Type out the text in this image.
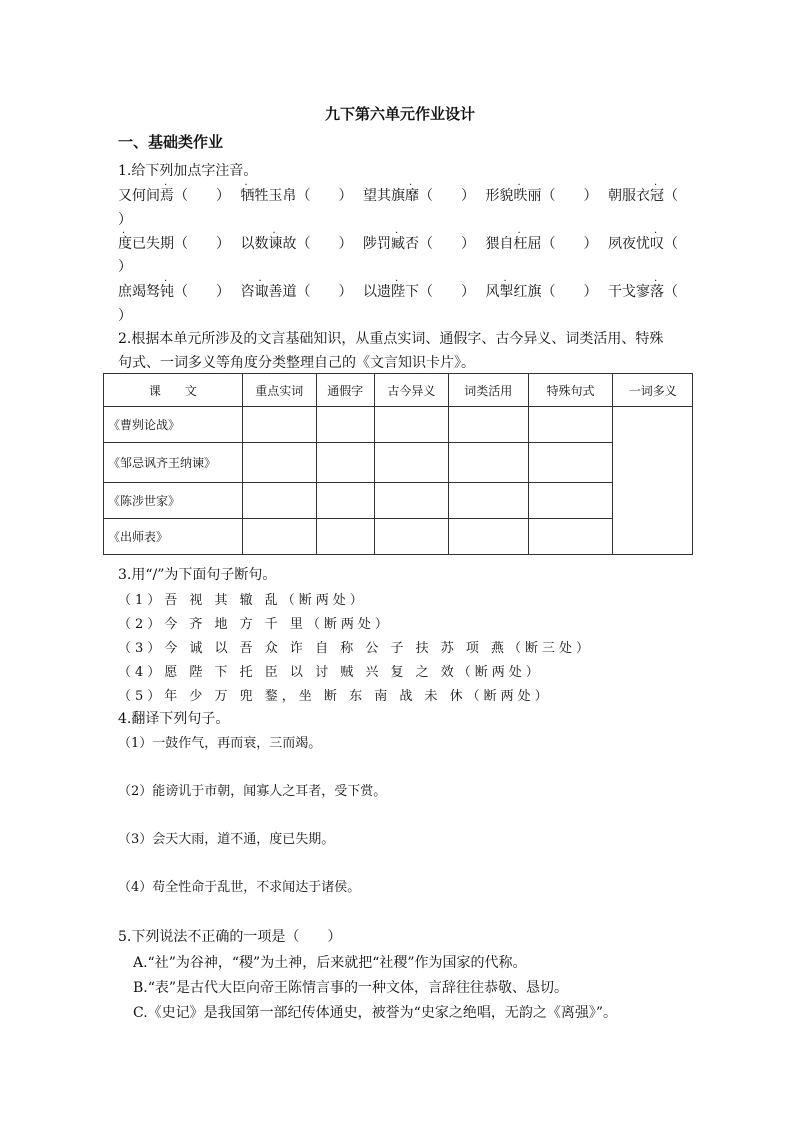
九下第六单元作业设计
一、基础类作业
1.给下列加点字注音。
又何间焉
·
（　　） 牺
·
牲玉帛（　　） 望其旗靡
·
（　　） 形貌昳
·
丽（　　） 朝服衣冠
·
（
度
·
已失期（　　） 以数谏
·
故（　　） 陟罚臧
·
否（　　） 猥自枉
·
屈（　　） 夙夜忧叹
·
（
庶竭驽钝
·
（　　） 咨诹
·
善道（　　） 以遗陛
·
下（　　） 风掣
·
红旗（　　） 干戈寥落
·
（
）
）
）
2.根据本单元所涉及的文言基础知识，从重点实词、通假字、古今异义、词类活用、特殊
句式、一词多义等角度分类整理自己的《文言知识卡片》。
课　　文	重点实词	通假字	古今异义	词类活用	特殊句式	一词多义
《曹刿论战》						
《邹忌讽齐王纳谏》						
《陈涉世家》						
《出师表》						
3.用“/”为下面句子断句。
（1）吾 视 其 辙 乱（断两处）
（2）今 齐 地 方 千 里（断两处）
（3）今 诚 以 吾 众 诈 自 称 公 子 扶 苏 项 燕（断三处）
（4）愿 陛 下 托 臣 以 讨 贼 兴 复 之 效（断两处）
（5）年 少 万 兜 鍪，坐 断 东 南 战 未 休（断两处）
4.翻译下列句子。
（1）一鼓作气，再而衰，三而竭。
（2）能谤讥于市朝，闻寡人之耳者，受下赏。
（3）会天大雨，道不通，度已失期。
（4）苟全性命于乱世，不求闻达于诸侯。
5.下列说法不正确的一项是（　　）
A.“社”为谷神，“稷”为土神，后来就把“社稷”作为国家的代称。
B.“表”是古代大臣向帝王陈情言事的一种文体，言辞往往恭敬、恳切。
C.《史记》是我国第一部纪传体通史，被誉为“史家之绝唱，无韵之《离强》”。
